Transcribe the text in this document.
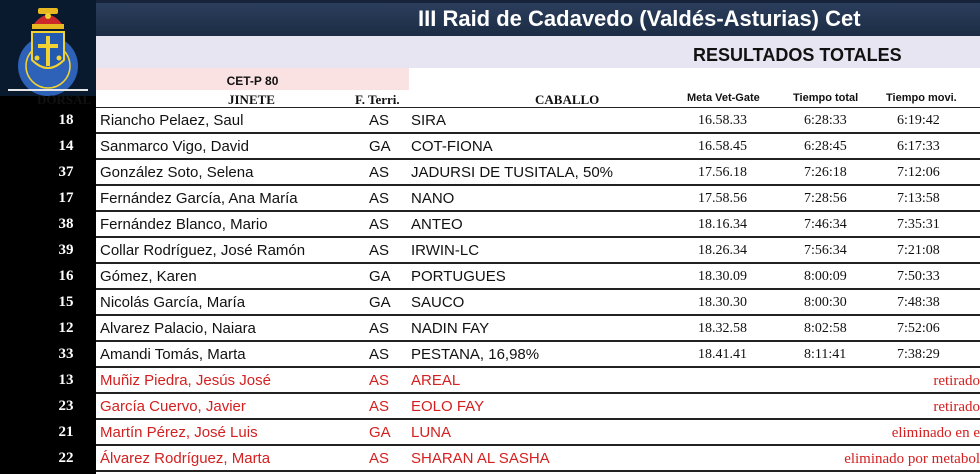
III Raid de Cadavedo (Valdés-Asturias) Cet
RESULTADOS TOTALES
CET-P 80
DORSAL	JINETE	F. Terri.	CABALLO	Meta Vet-Gate	Tiempo total	Tiempo movi.
18	Riancho Pelaez, Saul	AS SIRA	16.58.33	6:28:33	6:19:42
14	Sanmarco Vigo, David	GA COT-FIONA	16.58.45	6:28:45	6:17:33
37	González Soto, Selena	AS JADURSI DE TUSITALA, 50%	17.56.18	7:26:18	7:12:06
17	Fernández García, Ana María	AS NANO	17.58.56	7:28:56	7:13:58
38	Fernández Blanco, Mario	AS ANTEO	18.16.34	7:46:34	7:35:31
39	Collar Rodríguez, José Ramón	AS IRWIN-LC	18.26.34	7:56:34	7:21:08
16	Gómez, Karen	GA PORTUGUES	18.30.09	8:00:09	7:50:33
15	Nicolás García, María	GA SAUCO	18.30.30	8:00:30	7:48:38
12	Alvarez Palacio, Naiara	AS NADIN FAY	18.32.58	8:02:58	7:52:06
33	Amandi Tomás, Marta	AS PESTANA, 16,98%	18.41.41	8:11:41	7:38:29
13	Muñiz Piedra, Jesús José	AS AREAL	retirado
23	García Cuervo, Javier	AS EOLO FAY	retirado
21	Martín Pérez, José Luis	GA LUNA	eliminado en e
22	Álvarez Rodríguez, Marta	AS SHARAN AL SASHA	eliminado por metabol
